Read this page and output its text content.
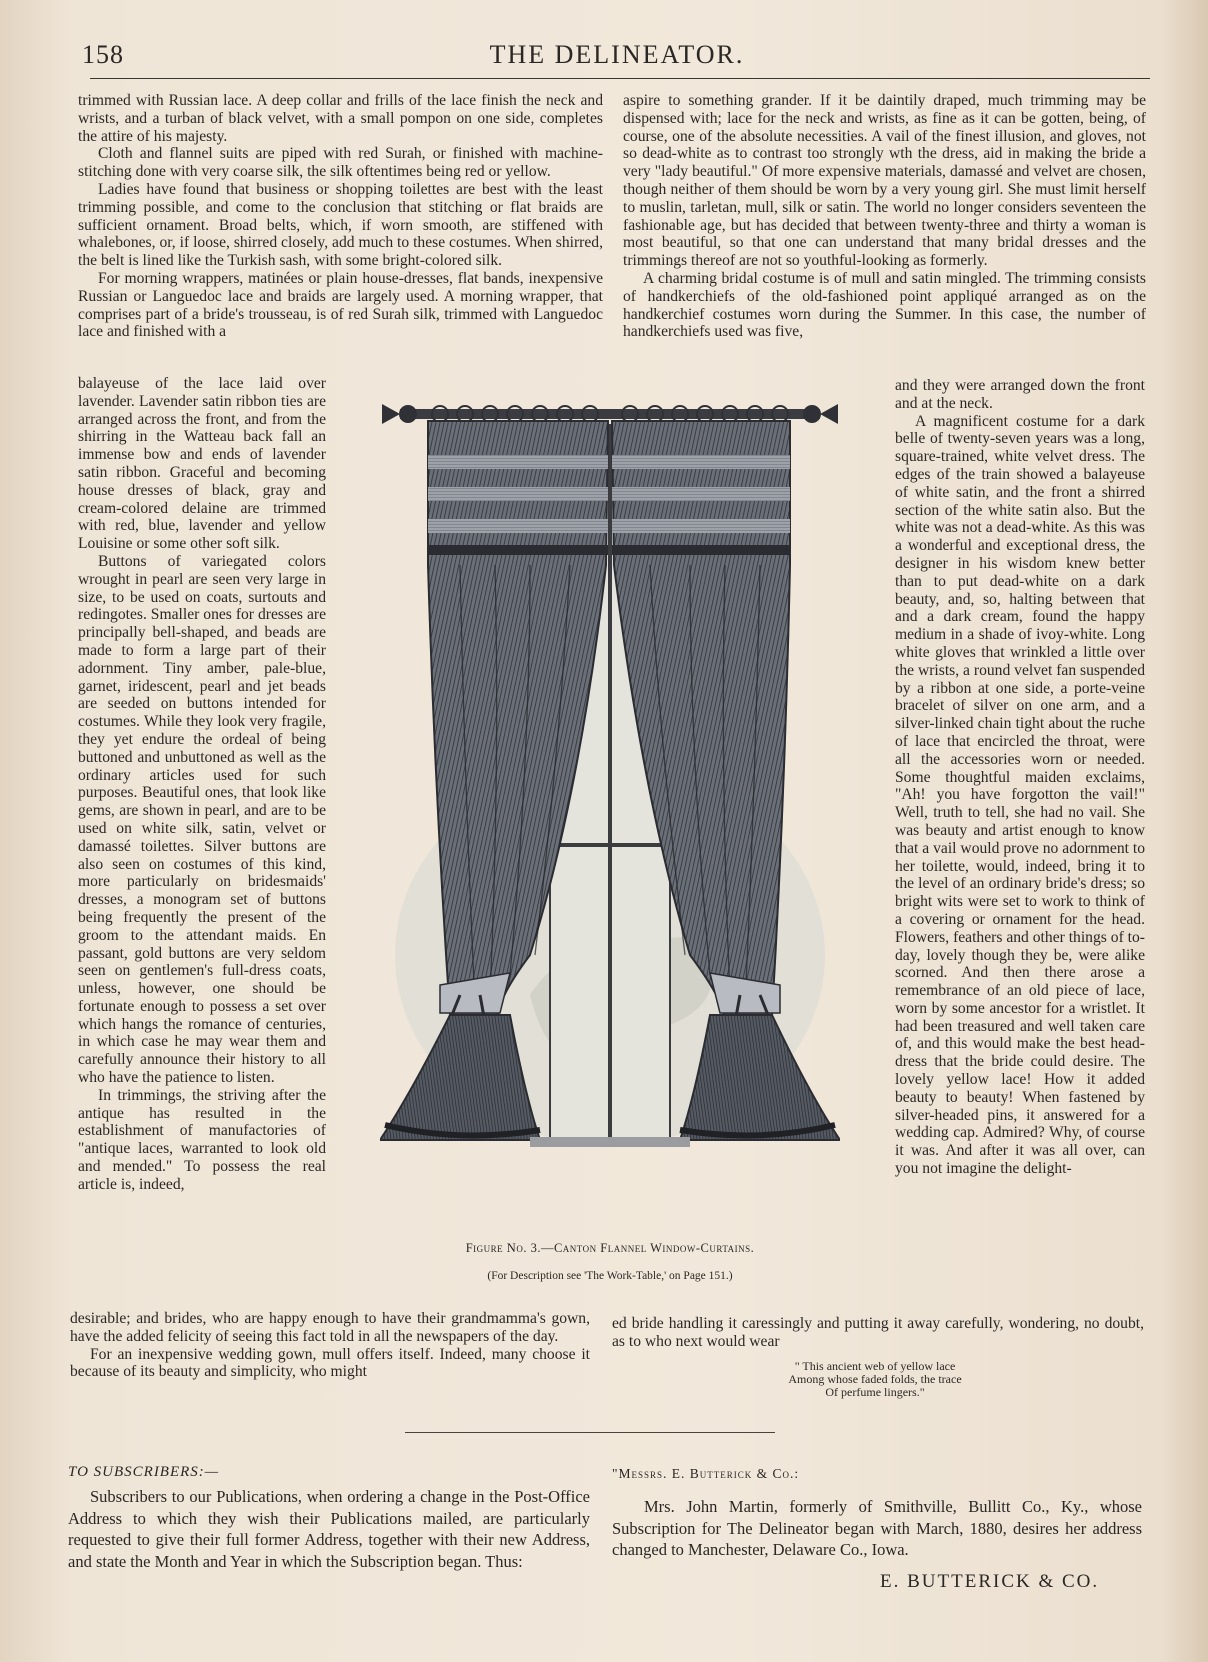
158	THE DELINEATOR.

trimmed with Russian lace. A deep collar and frills of the lace finish the neck and wrists, and a turban of black velvet, with a small pompon on one side, completes the attire of his majesty.

Cloth and flannel suits are piped with red Surah, or finished with machine-stitching done with very coarse silk, the silk oftentimes being red or yellow.

Ladies have found that business or shopping toilettes are best with the least trimming possible, and come to the conclusion that stitching or flat braids are sufficient ornament. Broad belts, which, if worn smooth, are stiffened with whalebones, or, if loose, shirred closely, add much to these costumes. When shirred, the belt is lined like the Turkish sash, with some bright-colored silk.

For morning wrappers, matinées or plain house-dresses, flat bands, inexpensive Russian or Languedoc lace and braids are largely used. A morning wrapper, that comprises part of a bride's trousseau, is of red Surah silk, trimmed with Languedoc lace and finished with a

balayeuse of the lace laid over lavender. Lavender satin ribbon ties are arranged across the front, and from the shirring in the Watteau back fall an immense bow and ends of lavender satin ribbon. Graceful and becoming house dresses of black, gray and cream-colored delaine are trimmed with red, blue, lavender and yellow Louisine or some other soft silk.

Buttons of variegated colors wrought in pearl are seen very large in size, to be used on coats, surtouts and redingotes. Smaller ones for dresses are principally bell-shaped, and beads are made to form a large part of their adornment. Tiny amber, pale-blue, garnet, iridescent, pearl and jet beads are seeded on buttons intended for costumes. While they look very fragile, they yet endure the ordeal of being buttoned and unbuttoned as well as the ordinary articles used for such purposes. Beautiful ones, that look like gems, are shown in pearl, and are to be used on white silk, satin, velvet or damassé toilettes. Silver buttons are also seen on costumes of this kind, more particularly on bridesmaids' dresses, a monogram set of buttons being frequently the present of the groom to the attendant maids. En passant, gold buttons are very seldom seen on gentlemen's full-dress coats, unless, however, one should be fortunate enough to possess a set over which hangs the romance of centuries, in which case he may wear them and carefully announce their history to all who have the patience to listen.

In trimmings, the striving after the antique has resulted in the establishment of manufactories of "antique laces, warranted to look old and mended." To possess the real article is, indeed,

desirable; and brides, who are happy enough to have their grandmamma's gown, have the added felicity of seeing this fact told in all the newspapers of the day.

For an inexpensive wedding gown, mull offers itself. Indeed, many choose it because of its beauty and simplicity, who might

aspire to something grander. If it be daintily draped, much trimming may be dispensed with; lace for the neck and wrists, as fine as it can be gotten, being, of course, one of the absolute necessities. A vail of the finest illusion, and gloves, not so dead-white as to contrast too strongly wth the dress, aid in making the bride a very "lady beautiful." Of more expensive materials, damassé and velvet are chosen, though neither of them should be worn by a very young girl. She must limit herself to muslin, tarletan, mull, silk or satin. The world no longer considers seventeen the fashionable age, but has decided that between twenty-three and thirty a woman is most beautiful, so that one can understand that many bridal dresses and the trimmings thereof are not so youthful-looking as formerly.

A charming bridal costume is of mull and satin mingled. The trimming consists of handkerchiefs of the old-fashioned point appliqué arranged as on the handkerchief costumes worn during the Summer. In this case, the number of handkerchiefs used was five,

and they were arranged down the front and at the neck.

A magnificent costume for a dark belle of twenty-seven years was a long, square-trained, white velvet dress. The edges of the train showed a balayeuse of white satin, and the front a shirred section of the white satin also. But the white was not a dead-white. As this was a wonderful and exceptional dress, the designer in his wisdom knew better than to put dead-white on a dark beauty, and, so, halting between that and a dark cream, found the happy medium in a shade of ivoy-white. Long white gloves that wrinkled a little over the wrists, a round velvet fan suspended by a ribbon at one side, a porte-veine bracelet of silver on one arm, and a silver-linked chain tight about the ruche of lace that encircled the throat, were all the accessories worn or needed. Some thoughtful maiden exclaims, "Ah! you have forgotton the vail!" Well, truth to tell, she had no vail. She was beauty and artist enough to know that a vail would prove no adornment to her toilette, would, indeed, bring it to the level of an ordinary bride's dress; so bright wits were set to work to think of a covering or ornament for the head. Flowers, feathers and other things of to-day, lovely though they be, were alike scorned. And then there arose a remembrance of an old piece of lace, worn by some ancestor for a wristlet. It had been treasured and well taken care of, and this would make the best head-dress that the bride could desire. The lovely yellow lace! How it added beauty to beauty! When fastened by silver-headed pins, it answered for a wedding cap. Admired? Why, of course it was. And after it was all over, can you not imagine the delight-

ed bride handling it caressingly and putting it away carefully, wondering, no doubt, as to who next would wear

Figure No. 3.—Canton Flannel Window-Curtains.
(For Description see 'The Work-Table,' on Page 151.)
" This ancient web of yellow lace
Among whose faded folds, the trace
Of perfume lingers."
TO SUBSCRIBERS:—

Subscribers to our Publications, when ordering a change in the Post-Office Address to which they wish their Publications mailed, are particularly requested to give their full former Address, together with their new Address, and state the Month and Year in which the Subscription began. Thus:

"Messrs. E. Butterick & Co.:

Mrs. John Martin, formerly of Smithville, Bullitt Co., Ky., whose Subscription for The Delineator began with March, 1880, desires her address changed to Manchester, Delaware Co., Iowa.

E. BUTTERICK & CO.
